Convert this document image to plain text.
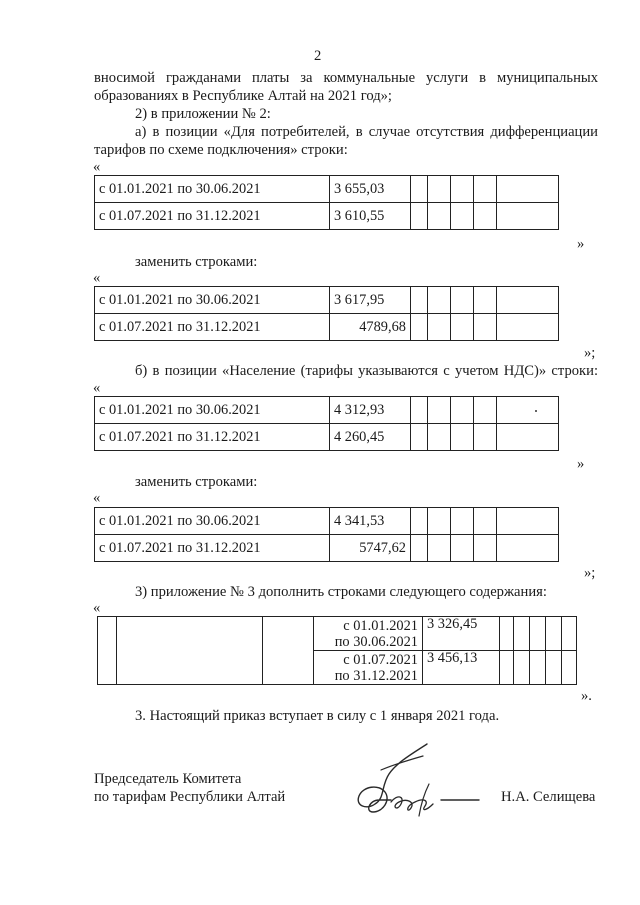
2
вносимой гражданами платы за коммунальные услуги в муниципальных
образованиях в Республике Алтай на 2021 год»;
2) в приложении № 2:
а) в позиции «Для потребителей, в случае отсутствия дифференциации
тарифов по схеме подключения» строки:
«
с 01.01.2021 по 30.06.2021	3 655,03					
с 01.07.2021 по 31.12.2021	3 610,55					
»
заменить строками:
«
с 01.01.2021 по 30.06.2021	3 617,95					
с 01.07.2021 по 31.12.2021	4789,68					
»;
б) в позиции «Население (тарифы указываются с учетом НДС)» строки:
«
с 01.01.2021 по 30.06.2021	4 312,93					
с 01.07.2021 по 31.12.2021	4 260,45					
»
заменить строками:
«
с 01.01.2021 по 30.06.2021	4 341,53					
с 01.07.2021 по 31.12.2021	5747,62					
»;
3) приложение № 3 дополнить строками следующего содержания:
«
			с 01.01.2021
по 30.06.2021	3 326,45					
			с 01.07.2021
по 31.12.2021	3 456,13					
».
3. Настоящий приказ вступает в силу с 1 января 2021 года.
Председатель Комитета
по тарифам Республики Алтай	Н.А. Селищева
